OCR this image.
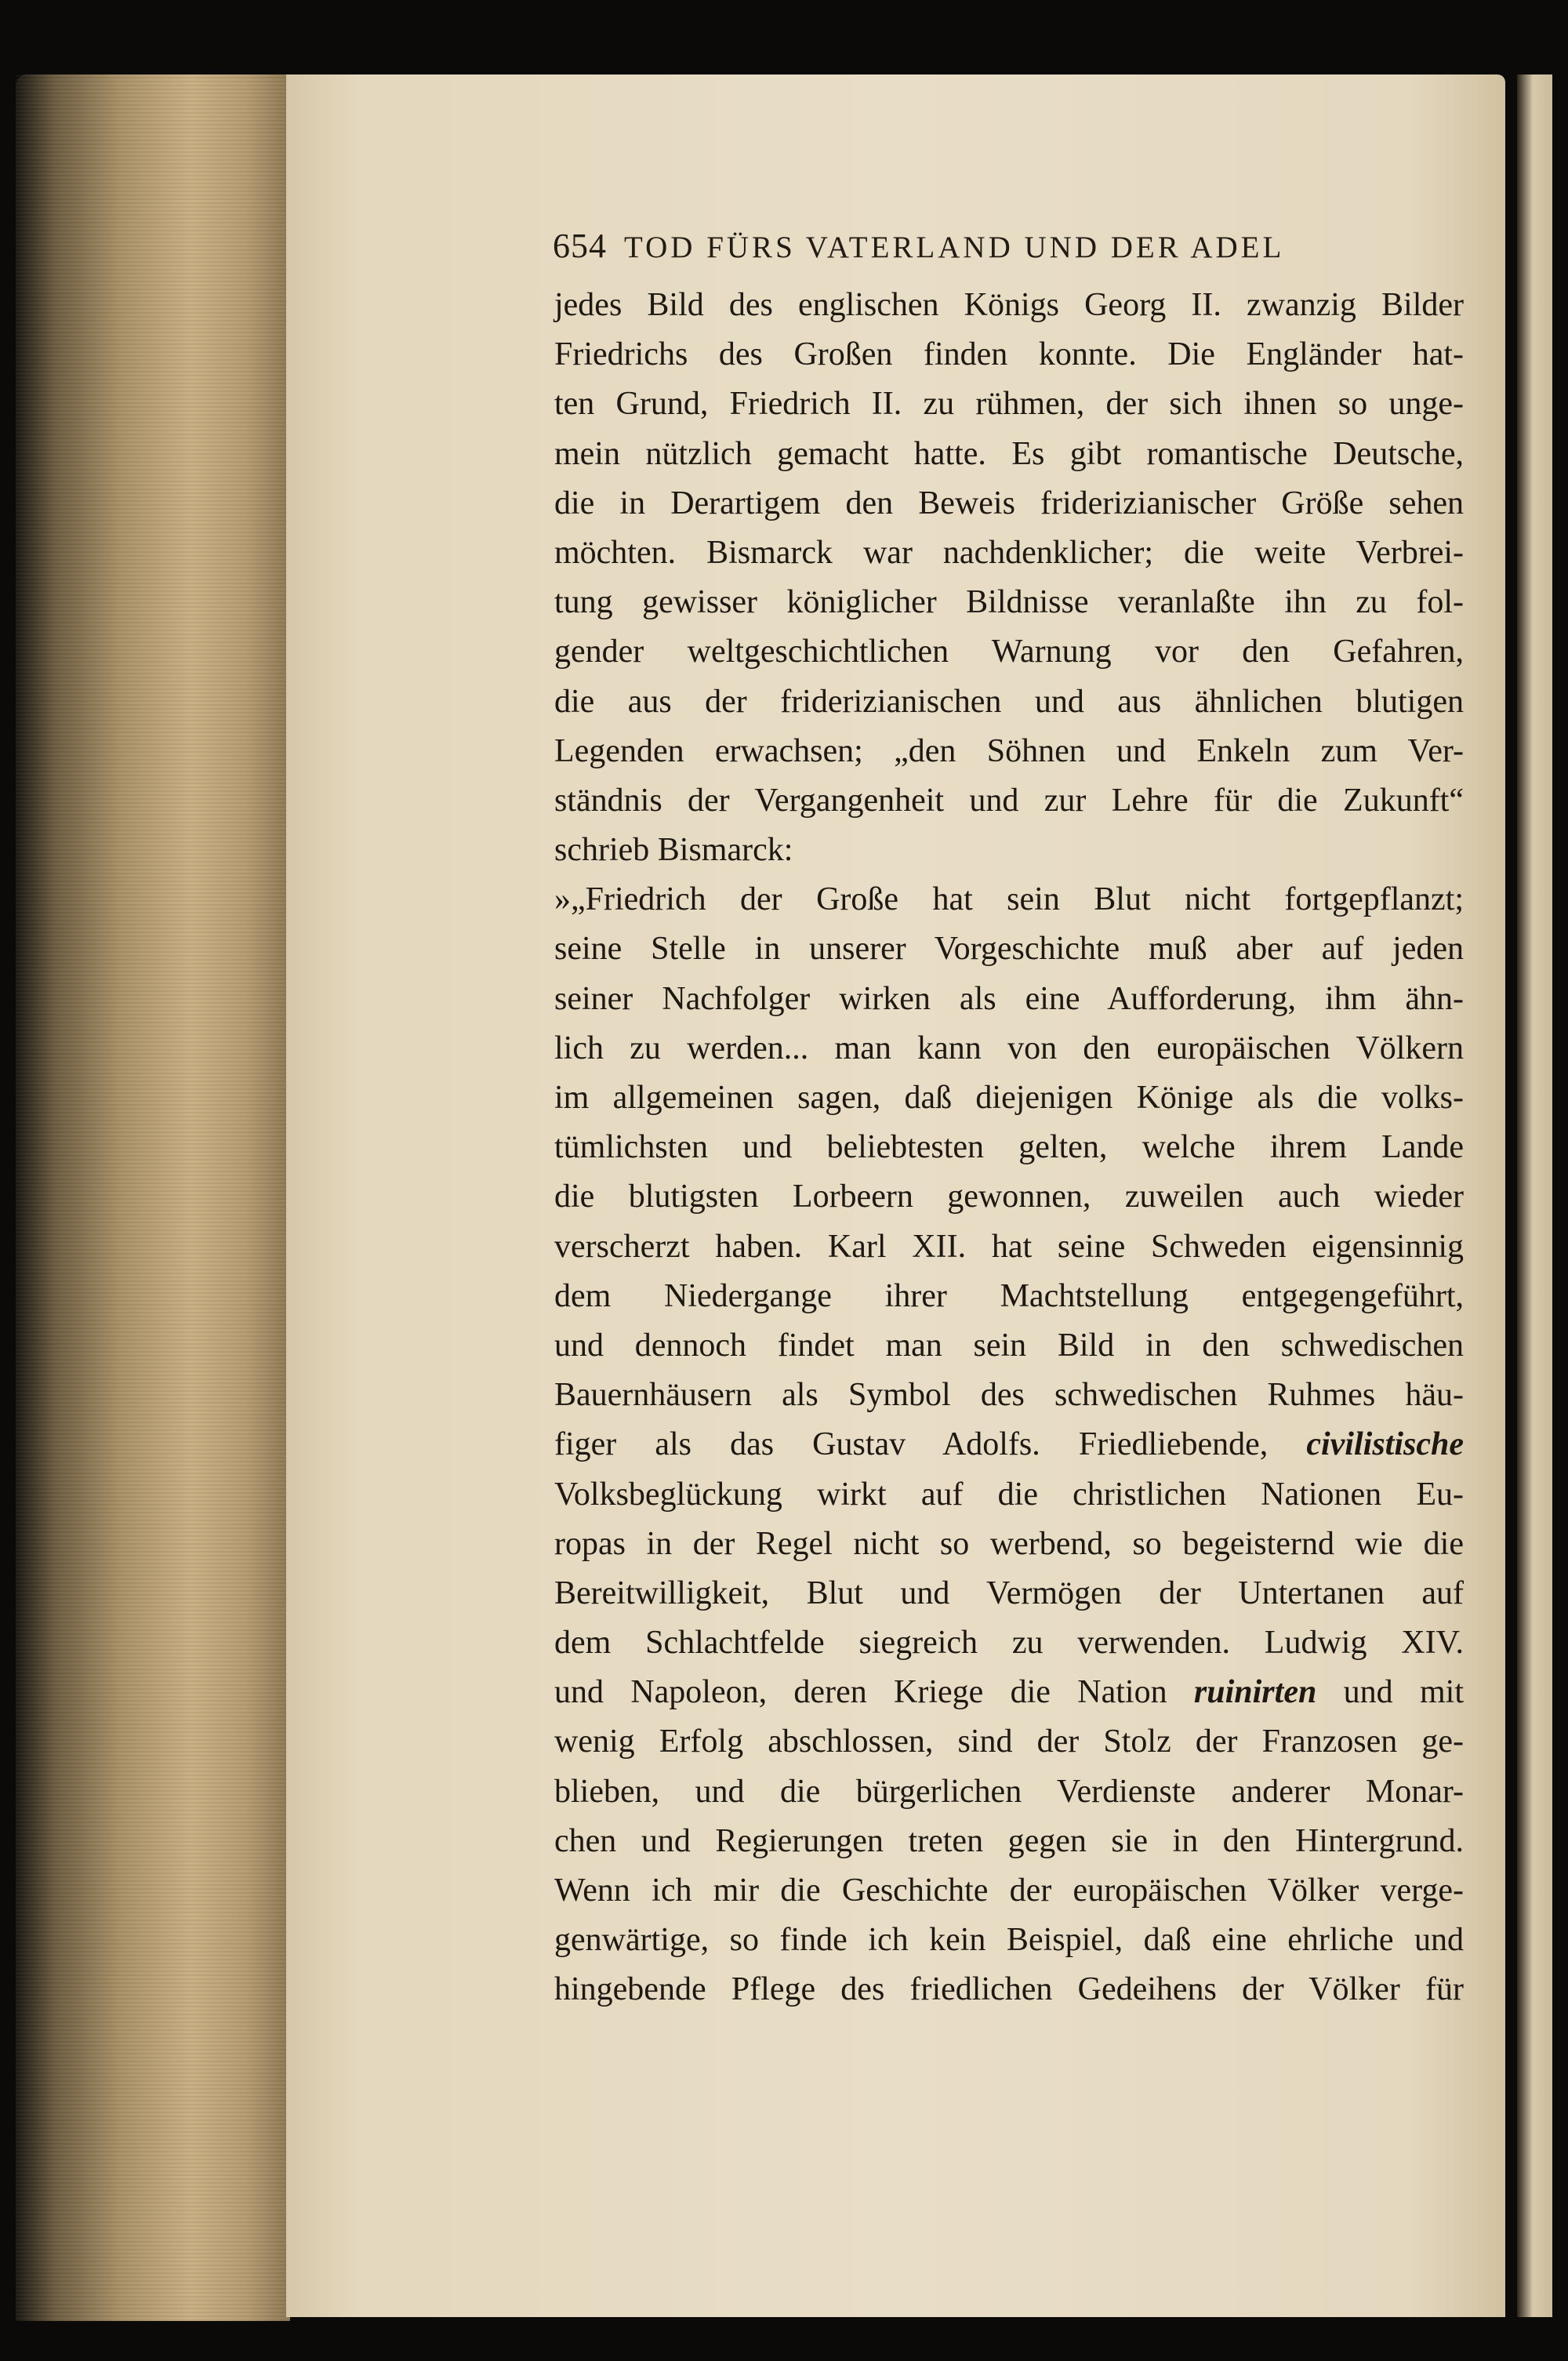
654 TOD FÜRS VATERLAND UND DER ADEL
jedes Bild des englischen Königs Georg II. zwanzig Bilder
Friedrichs des Großen finden konnte. Die Engländer hat-
ten Grund, Friedrich II. zu rühmen, der sich ihnen so unge-
mein nützlich gemacht hatte. Es gibt romantische Deutsche,
die in Derartigem den Beweis friderizianischer Größe sehen
möchten. Bismarck war nachdenklicher; die weite Verbrei-
tung gewisser königlicher Bildnisse veranlaßte ihn zu fol-
gender weltgeschichtlichen Warnung vor den Gefahren,
die aus der friderizianischen und aus ähnlichen blutigen
Legenden erwachsen; „den Söhnen und Enkeln zum Ver-
ständnis der Vergangenheit und zur Lehre für die Zukunft“
schrieb Bismarck:
»„Friedrich der Große hat sein Blut nicht fortgepflanzt;
seine Stelle in unserer Vorgeschichte muß aber auf jeden
seiner Nachfolger wirken als eine Aufforderung, ihm ähn-
lich zu werden... man kann von den europäischen Völkern
im allgemeinen sagen, daß diejenigen Könige als die volks-
tümlichsten und beliebtesten gelten, welche ihrem Lande
die blutigsten Lorbeern gewonnen, zuweilen auch wieder
verscherzt haben. Karl XII. hat seine Schweden eigensinnig
dem Niedergange ihrer Machtstellung entgegengeführt,
und dennoch findet man sein Bild in den schwedischen
Bauernhäusern als Symbol des schwedischen Ruhmes häu-
figer als das Gustav Adolfs. Friedliebende, civilistische
Volksbeglückung wirkt auf die christlichen Nationen Eu-
ropas in der Regel nicht so werbend, so begeisternd wie die
Bereitwilligkeit, Blut und Vermögen der Untertanen auf
dem Schlachtfelde siegreich zu verwenden. Ludwig XIV.
und Napoleon, deren Kriege die Nation ruinirten und mit
wenig Erfolg abschlossen, sind der Stolz der Franzosen ge-
blieben, und die bürgerlichen Verdienste anderer Monar-
chen und Regierungen treten gegen sie in den Hintergrund.
Wenn ich mir die Geschichte der europäischen Völker verge-
genwärtige, so finde ich kein Beispiel, daß eine ehrliche und
hingebende Pflege des friedlichen Gedeihens der Völker für
